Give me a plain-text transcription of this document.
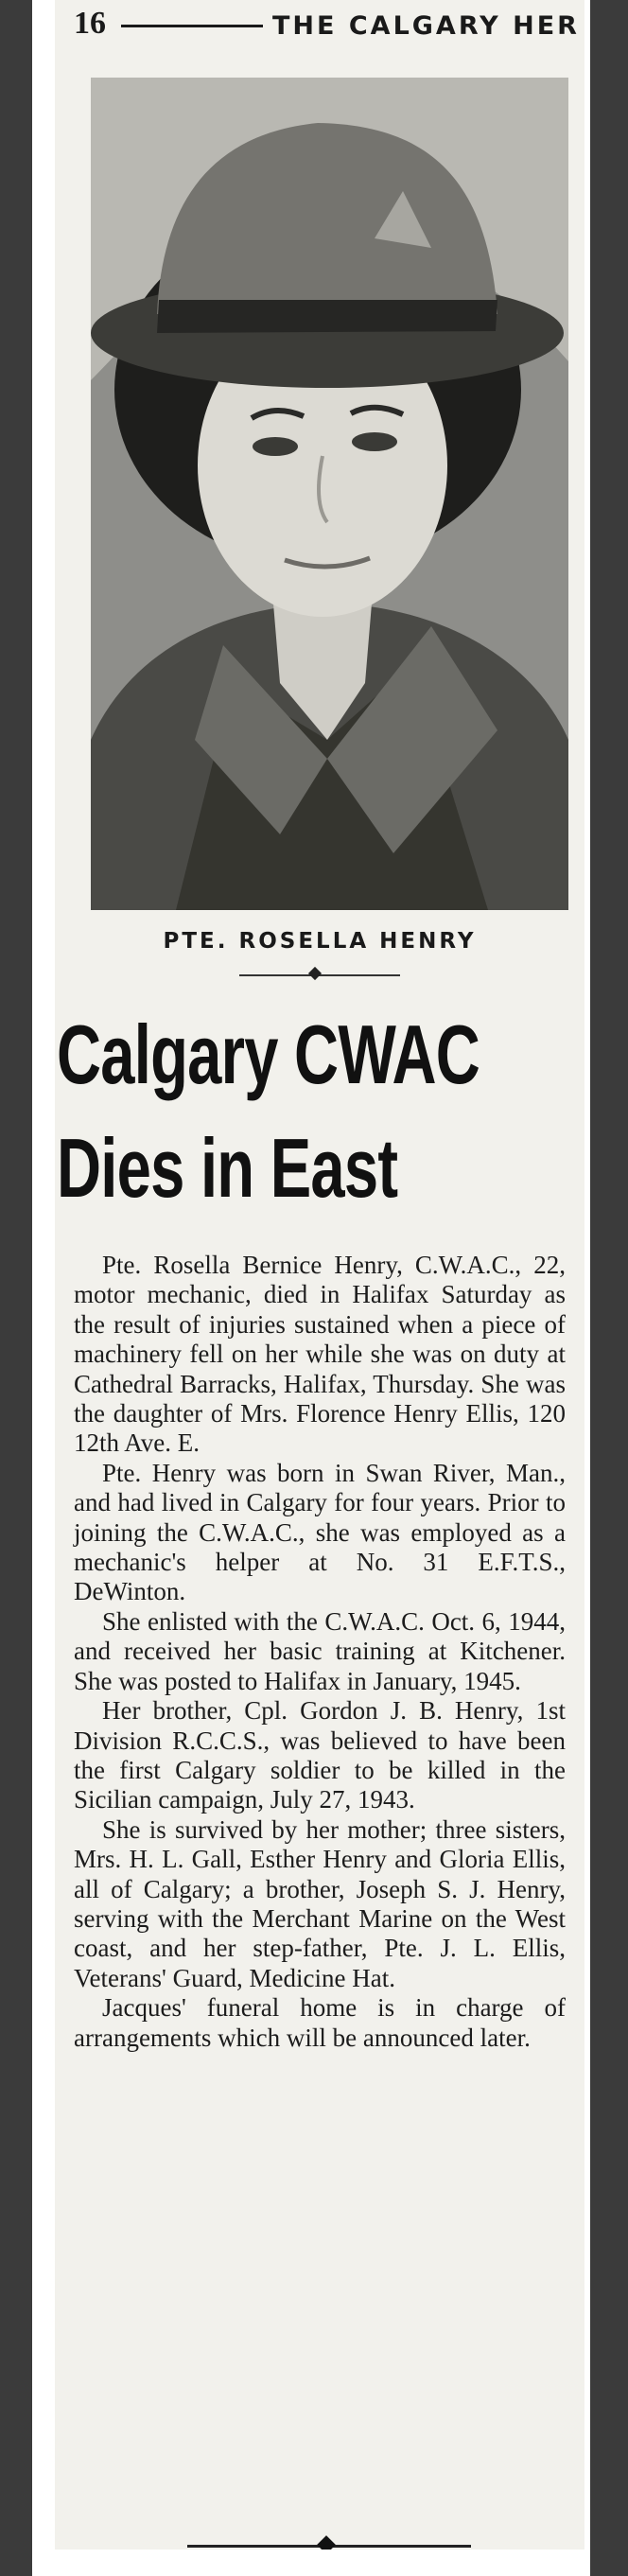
16	THE CALGARY HER
PTE. ROSELLA HENRY
Calgary CWAC
Dies in East

Pte. Rosella Bernice Henry, C.W.A.C., 22, motor mechanic, died in Halifax Saturday as the result of injuries sustained when a piece of machinery fell on her while she was on duty at Cathedral Barracks, Halifax, Thursday. She was the daughter of Mrs. Florence Henry Ellis, 120 12th Ave. E.

Pte. Henry was born in Swan River, Man., and had lived in Calgary for four years. Prior to joining the C.W.A.C., she was employed as a mechanic's helper at No. 31 E.F.T.S., DeWinton.

She enlisted with the C.W.A.C. Oct. 6, 1944, and received her basic training at Kitchener. She was posted to Halifax in January, 1945.

Her brother, Cpl. Gordon J. B. Henry, 1st Division R.C.C.S., was believed to have been the first Calgary soldier to be killed in the Sicilian campaign, July 27, 1943.

She is survived by her mother; three sisters, Mrs. H. L. Gall, Esther Henry and Gloria Ellis, all of Calgary; a brother, Joseph S. J. Henry, serving with the Merchant Marine on the West coast, and her step-father, Pte. J. L. Ellis, Veterans' Guard, Medicine Hat.

Jacques' funeral home is in charge of arrangements which will be announced later.
